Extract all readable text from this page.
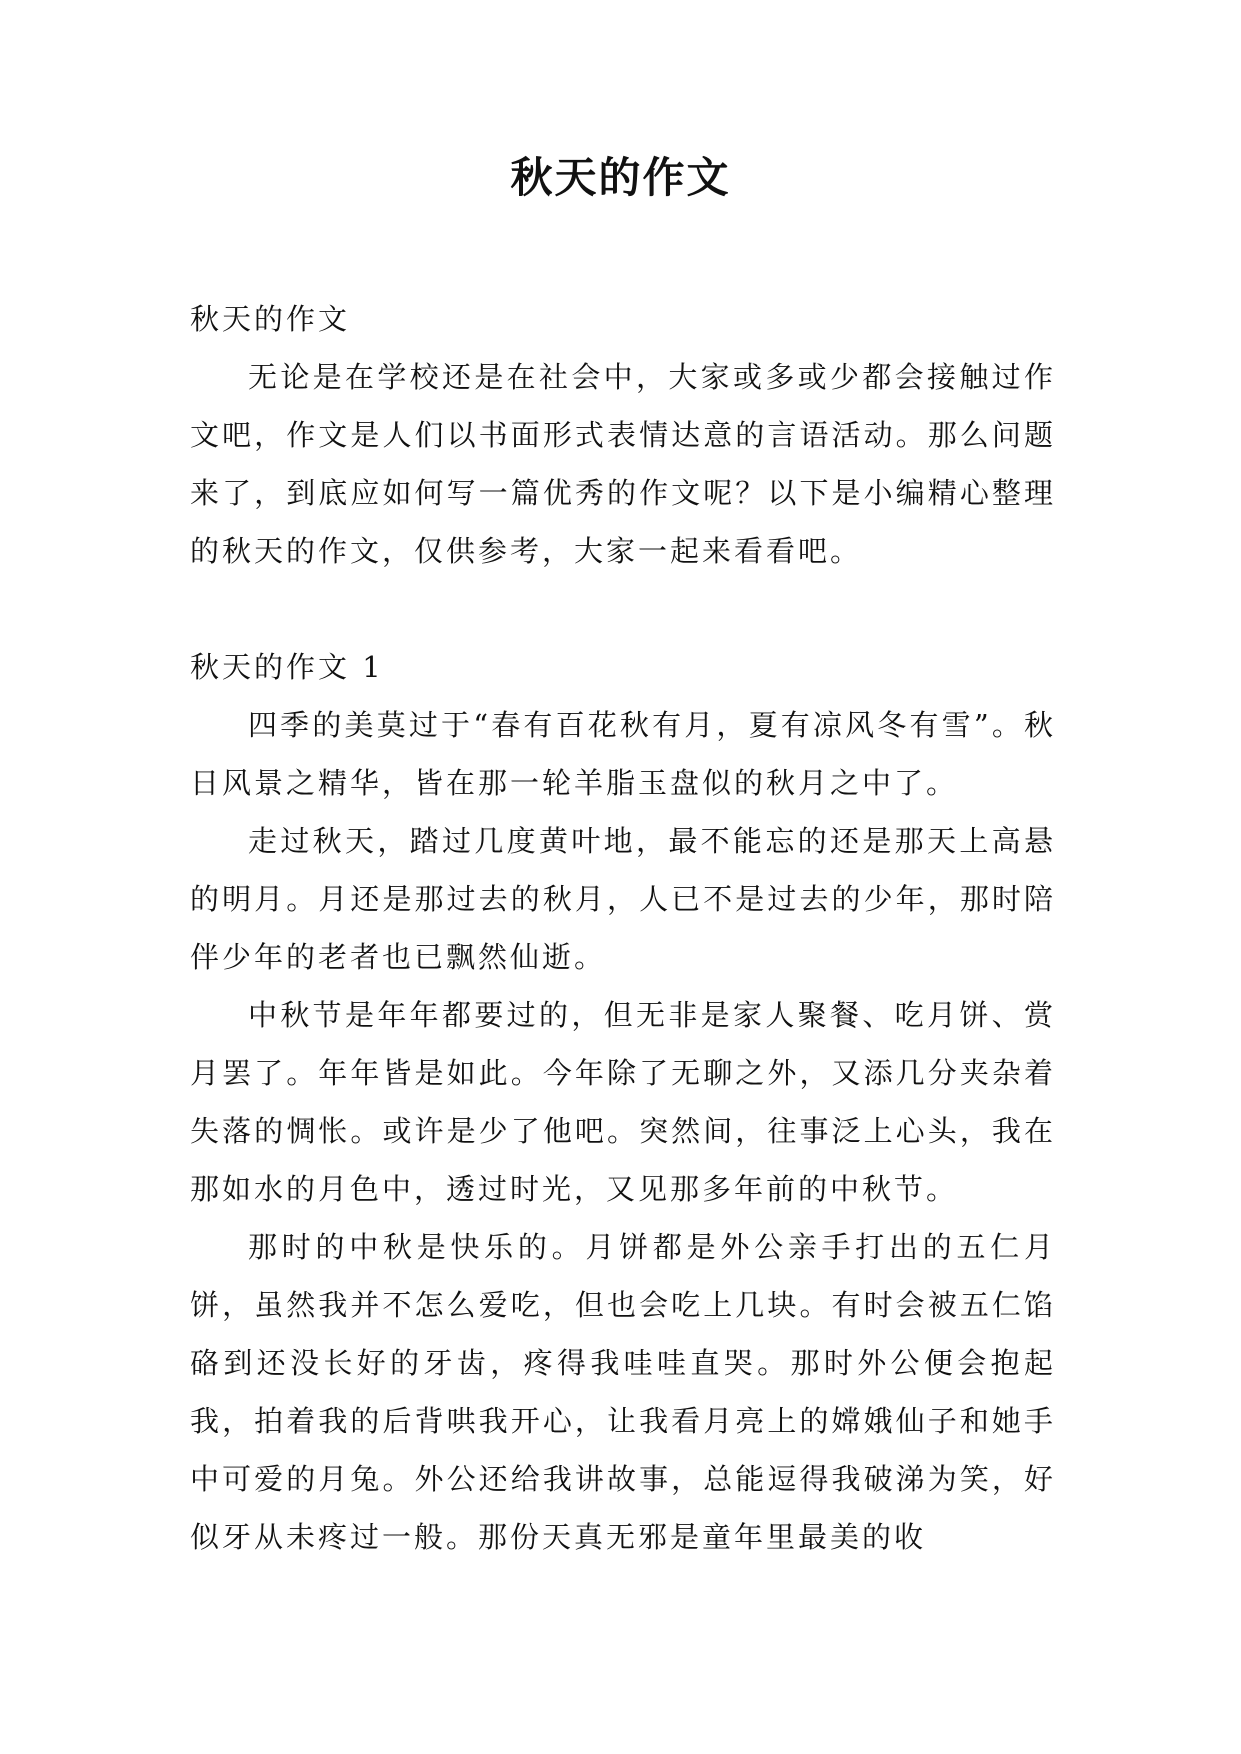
秋天的作文

秋天的作文

无论是在学校还是在社会中，大家或多或少都会接触过作文吧，作文是人们以书面形式表情达意的言语活动。那么问题来了，到底应如何写一篇优秀的作文呢？以下是小编精心整理的秋天的作文，仅供参考，大家一起来看看吧。

秋天的作文 1

四季的美莫过于“春有百花秋有月，夏有凉风冬有雪”。秋日风景之精华，皆在那一轮羊脂玉盘似的秋月之中了。

走过秋天，踏过几度黄叶地，最不能忘的还是那天上高悬的明月。月还是那过去的秋月，人已不是过去的少年，那时陪伴少年的老者也已飘然仙逝。

中秋节是年年都要过的，但无非是家人聚餐、吃月饼、赏月罢了。年年皆是如此。今年除了无聊之外，又添几分夹杂着失落的惆怅。或许是少了他吧。突然间，往事泛上心头，我在那如水的月色中，透过时光，又见那多年前的中秋节。

那时的中秋是快乐的。月饼都是外公亲手打出的五仁月饼，虽然我并不怎么爱吃，但也会吃上几块。有时会被五仁馅硌到还没长好的牙齿，疼得我哇哇直哭。那时外公便会抱起我，拍着我的后背哄我开心，让我看月亮上的嫦娥仙子和她手中可爱的月兔。外公还给我讲故事，总能逗得我破涕为笑，好似牙从未疼过一般。那份天真无邪是童年里最美的收
